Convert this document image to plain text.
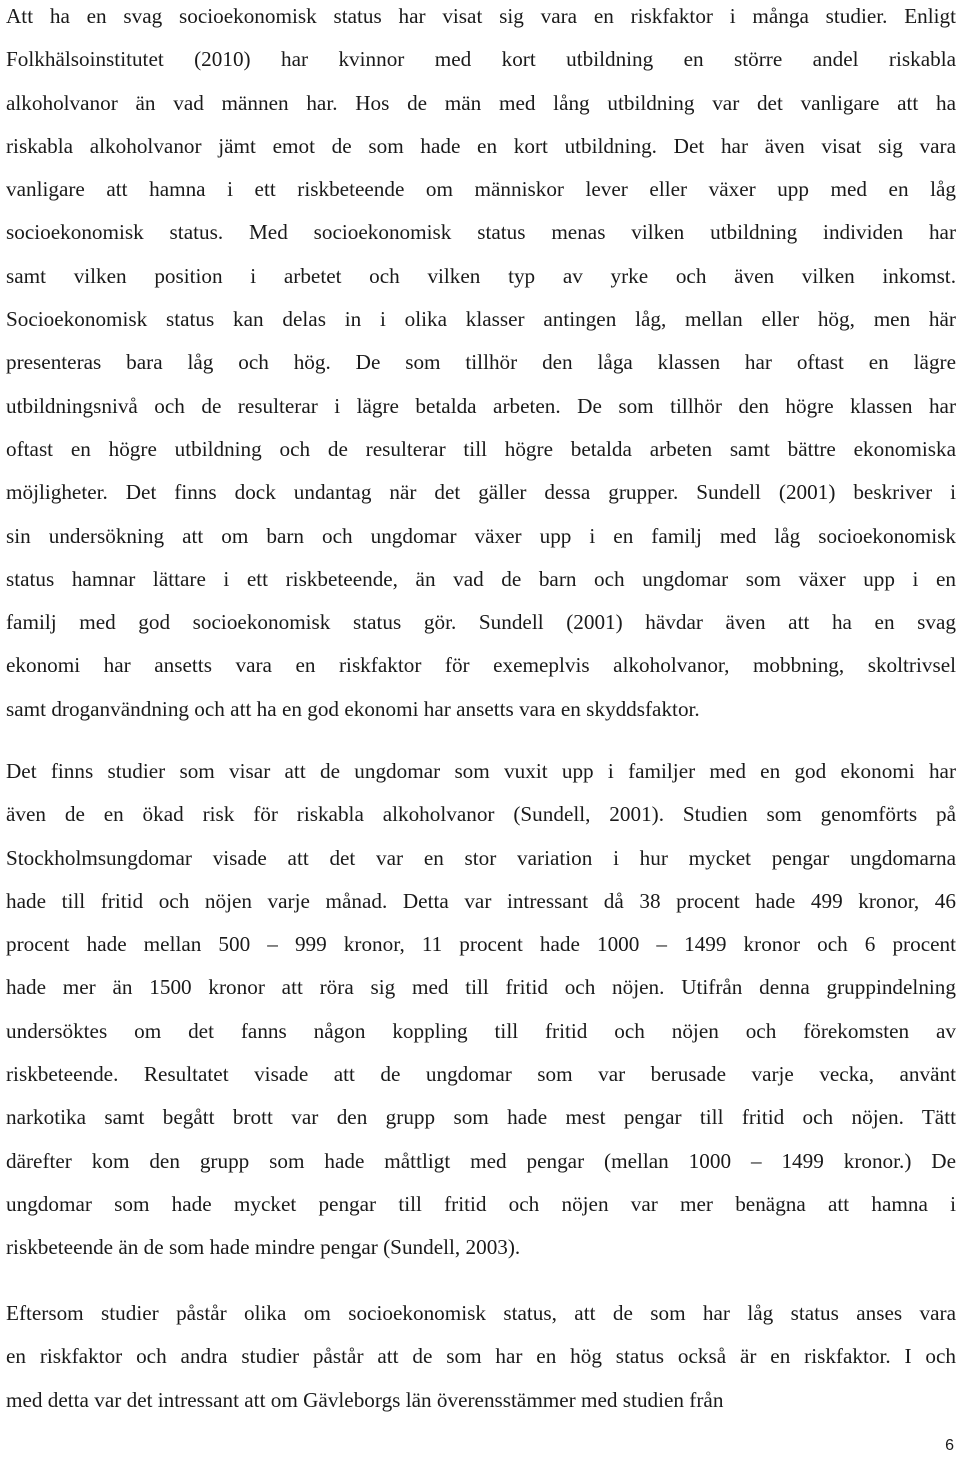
Att ha en svag socioekonomisk status har visat sig vara en riskfaktor i många studier. Enligt
Folkhälsoinstitutet (2010) har kvinnor med kort utbildning en större andel riskabla
alkoholvanor än vad männen har. Hos de män med lång utbildning var det vanligare att ha
riskabla alkoholvanor jämt emot de som hade en kort utbildning. Det har även visat sig vara
vanligare att hamna i ett riskbeteende om människor lever eller växer upp med en låg
socioekonomisk status. Med socioekonomisk status menas vilken utbildning individen har
samt vilken position i arbetet och vilken typ av yrke och även vilken inkomst.
Socioekonomisk status kan delas in i olika klasser antingen låg, mellan eller hög, men här
presenteras bara låg och hög. De som tillhör den låga klassen har oftast en lägre
utbildningsnivå och de resulterar i lägre betalda arbeten. De som tillhör den högre klassen har
oftast en högre utbildning och de resulterar till högre betalda arbeten samt bättre ekonomiska
möjligheter. Det finns dock undantag när det gäller dessa grupper. Sundell (2001) beskriver i
sin undersökning att om barn och ungdomar växer upp i en familj med låg socioekonomisk
status hamnar lättare i ett riskbeteende, än vad de barn och ungdomar som växer upp i en
familj med god socioekonomisk status gör. Sundell (2001) hävdar även att ha en svag
ekonomi har ansetts vara en riskfaktor för exemeplvis alkoholvanor, mobbning, skoltrivsel
samt droganvändning och att ha en god ekonomi har ansetts vara en skyddsfaktor.
Det finns studier som visar att de ungdomar som vuxit upp i familjer med en god ekonomi har
även de en ökad risk för riskabla alkoholvanor (Sundell, 2001). Studien som genomförts på
Stockholmsungdomar visade att det var en stor variation i hur mycket pengar ungdomarna
hade till fritid och nöjen varje månad. Detta var intressant då 38 procent hade 499 kronor, 46
procent hade mellan 500 – 999 kronor, 11 procent hade 1000 – 1499 kronor och 6 procent
hade mer än 1500 kronor att röra sig med till fritid och nöjen. Utifrån denna gruppindelning
undersöktes om det fanns någon koppling till fritid och nöjen och förekomsten av
riskbeteende. Resultatet visade att de ungdomar som var berusade varje vecka, använt
narkotika samt begått brott var den grupp som hade mest pengar till fritid och nöjen. Tätt
därefter kom den grupp som hade måttligt med pengar (mellan 1000 – 1499 kronor.) De
ungdomar som hade mycket pengar till fritid och nöjen var mer benägna att hamna i
riskbeteende än de som hade mindre pengar (Sundell, 2003).
Eftersom studier påstår olika om socioekonomisk status, att de som har låg status anses vara
en riskfaktor och andra studier påstår att de som har en hög status också är en riskfaktor. I och
med detta var det intressant att om Gävleborgs län överensstämmer med studien från
6
